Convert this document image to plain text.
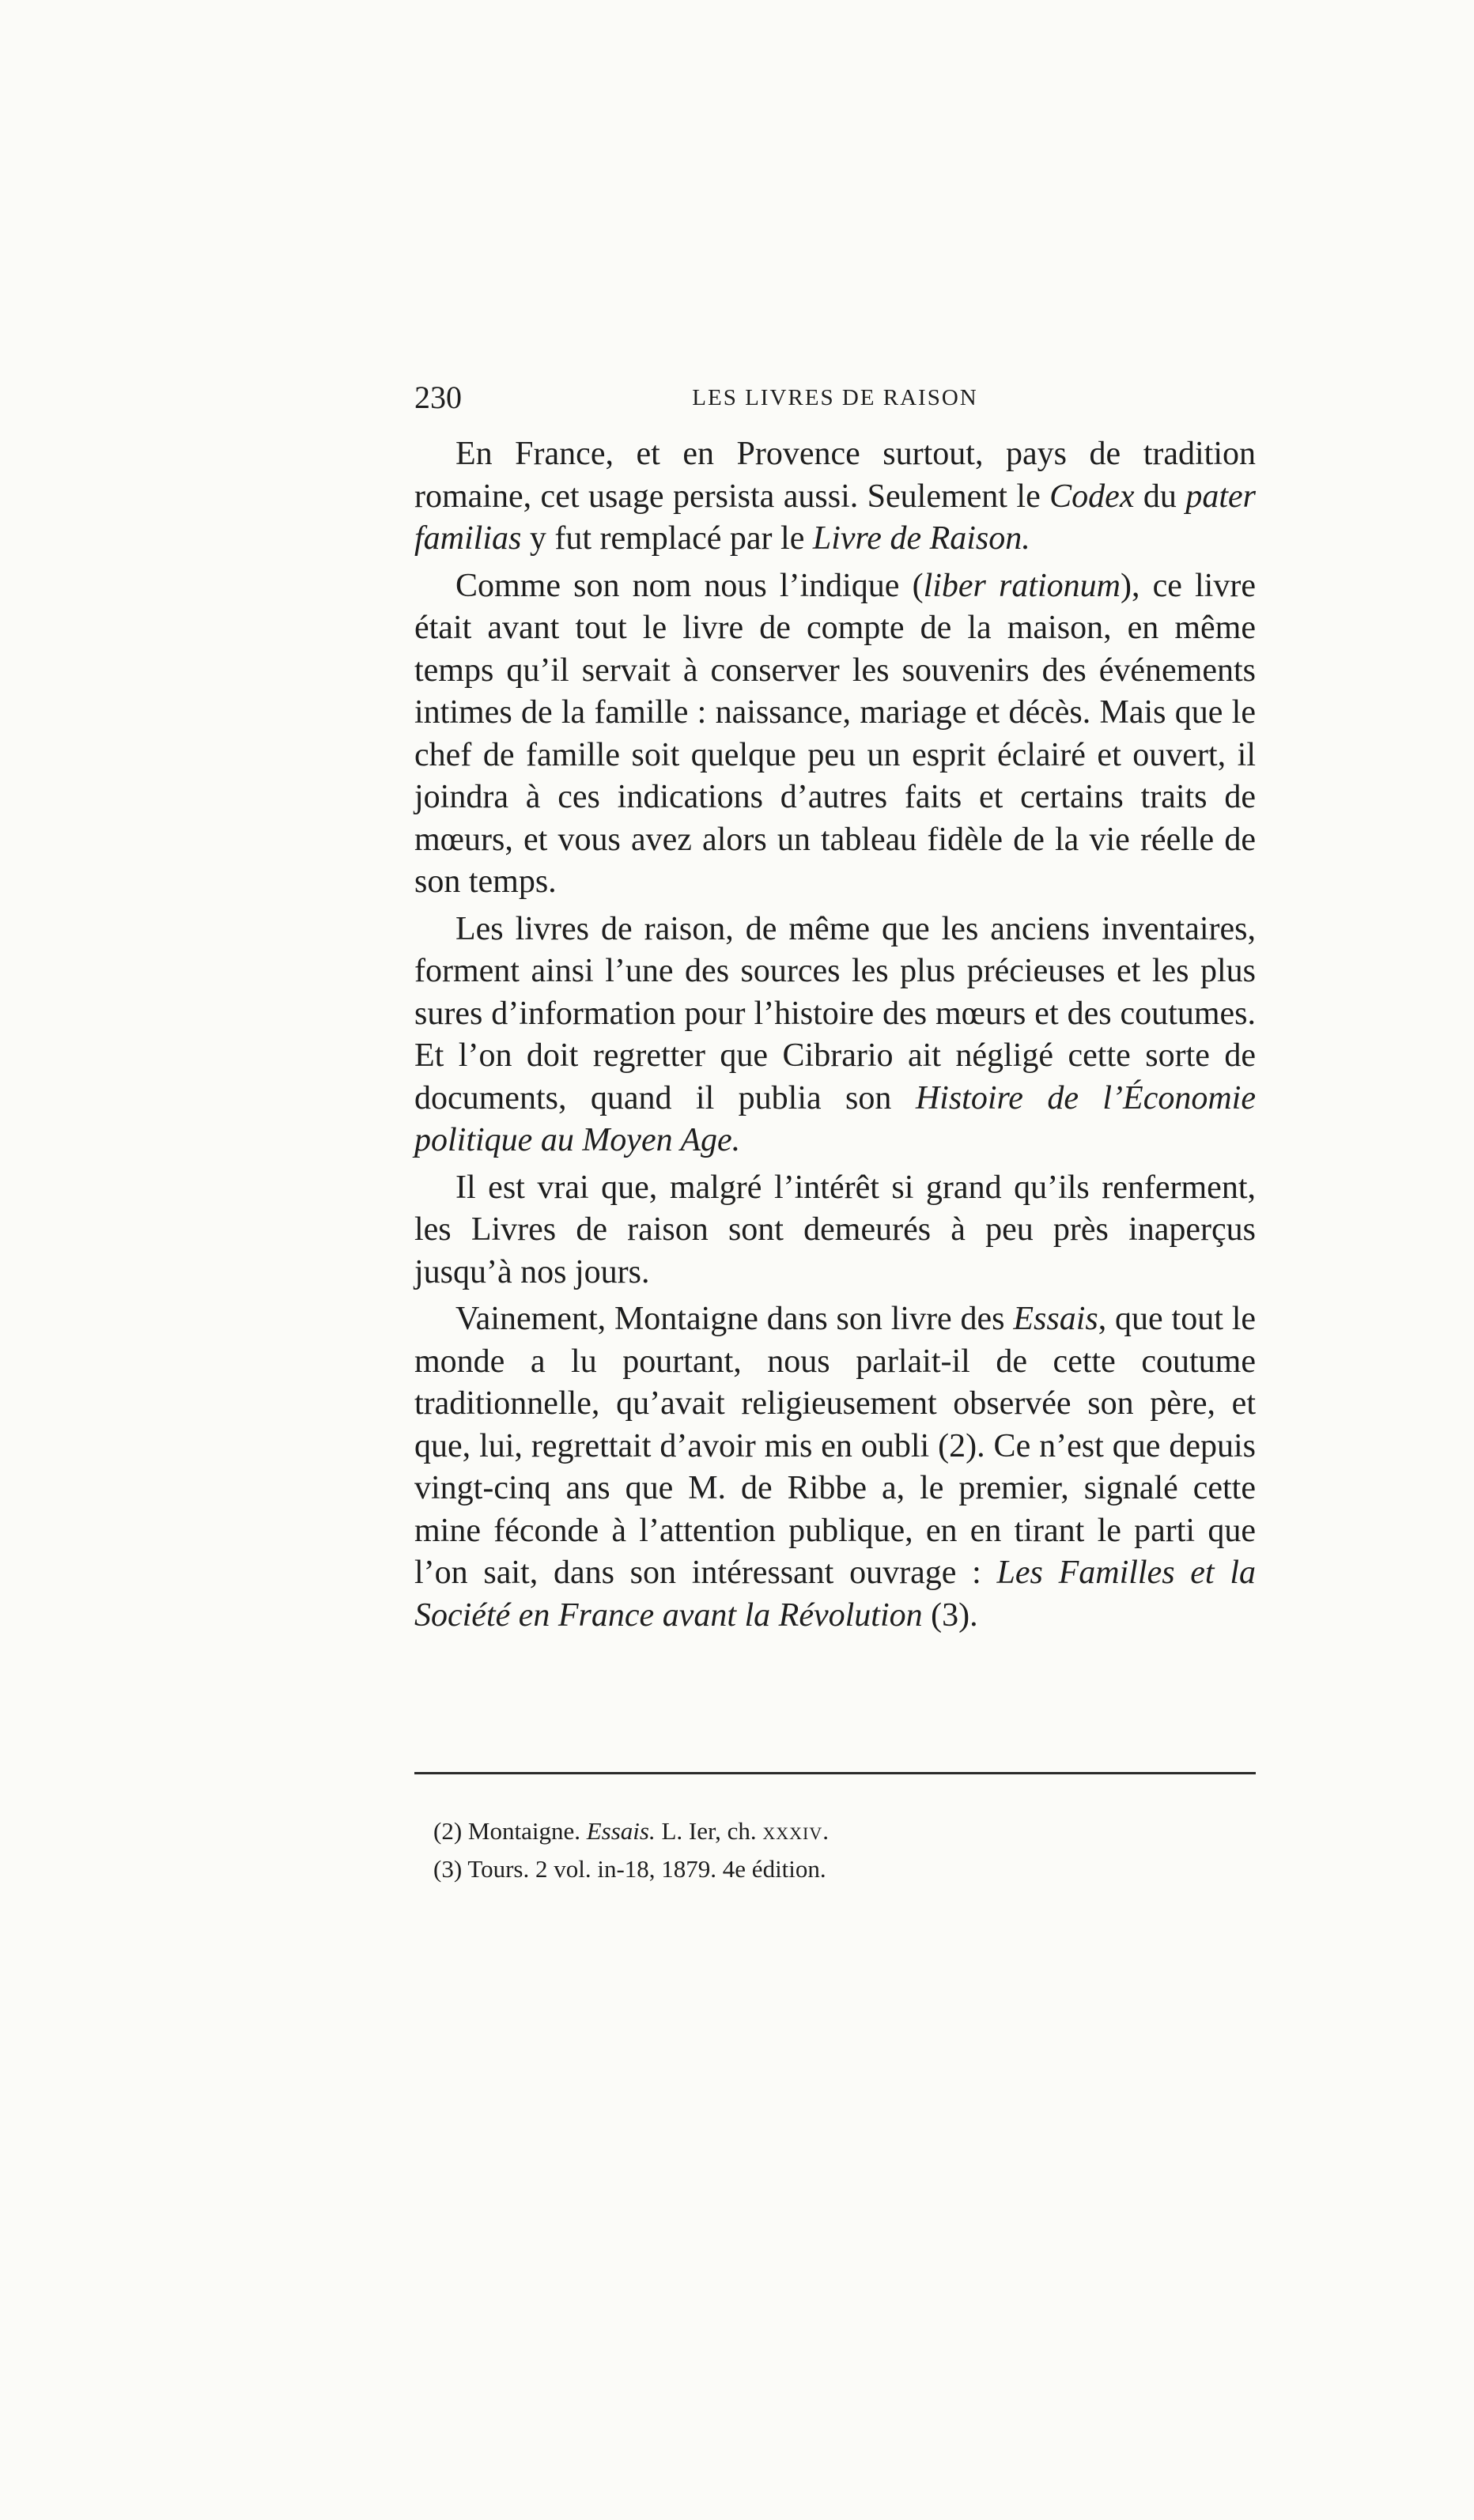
230	LES LIVRES DE RAISON

En France, et en Provence surtout, pays de tradition romaine, cet usage persista aussi. Seulement le Codex du pater familias y fut remplacé par le Livre de Raison.

Comme son nom nous l’indique (liber rationum), ce livre était avant tout le livre de compte de la maison, en même temps qu’il servait à conserver les souvenirs des événements intimes de la famille : naissance, mariage et décès. Mais que le chef de famille soit quelque peu un esprit éclairé et ouvert, il joindra à ces indications d’autres faits et certains traits de mœurs, et vous avez alors un tableau fidèle de la vie réelle de son temps.

Les livres de raison, de même que les anciens inventaires, forment ainsi l’une des sources les plus précieuses et les plus sures d’information pour l’histoire des mœurs et des coutumes. Et l’on doit regretter que Cibrario ait négligé cette sorte de documents, quand il publia son Histoire de l’Économie politique au Moyen Age.

Il est vrai que, malgré l’intérêt si grand qu’ils renferment, les Livres de raison sont demeurés à peu près inaperçus jusqu’à nos jours.

Vainement, Montaigne dans son livre des Essais, que tout le monde a lu pourtant, nous parlait-il de cette coutume traditionnelle, qu’avait religieusement observée son père, et que, lui, regrettait d’avoir mis en oubli (2). Ce n’est que depuis vingt-cinq ans que M. de Ribbe a, le premier, signalé cette mine féconde à l’attention publique, en en tirant le parti que l’on sait, dans son intéressant ouvrage : Les Familles et la Société en France avant la Révolution (3).

(2) Montaigne. Essais. L. Ier, ch. xxxiv.

(3) Tours. 2 vol. in-18, 1879. 4e édition.
